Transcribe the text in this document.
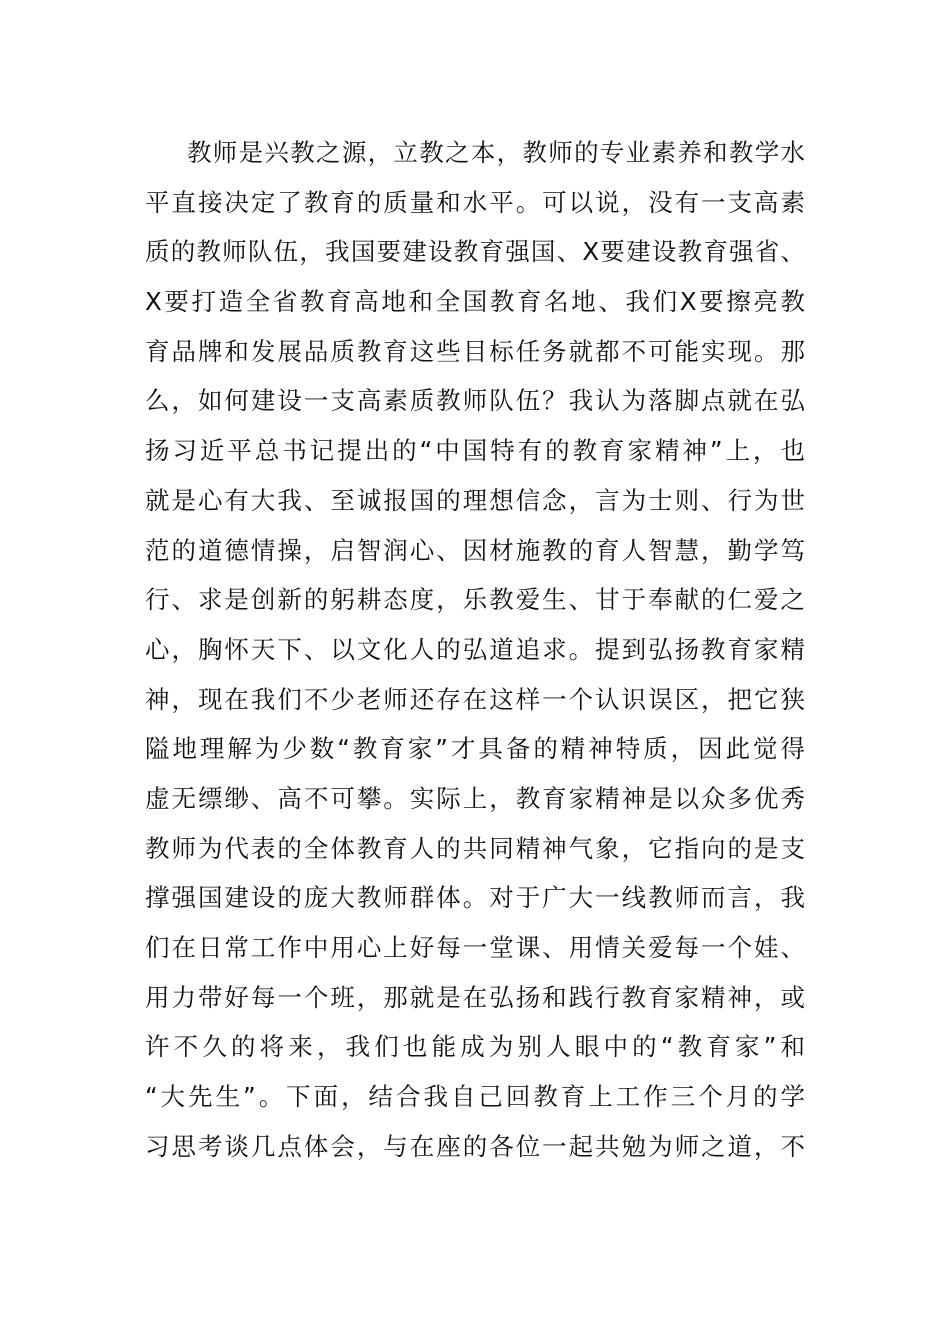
教师是兴教之源，立教之本，教师的专业素养和教学水
平直接决定了教育的质量和水平。可以说，没有一支高素
质的教师队伍，我国要建设教育强国、X要建设教育强省、
X要打造全省教育高地和全国教育名地、我们X要擦亮教
育品牌和发展品质教育这些目标任务就都不可能实现。那
么，如何建设一支高素质教师队伍？我认为落脚点就在弘
扬习近平总书记提出的“中国特有的教育家精神”上，也
就是心有大我、至诚报国的理想信念，言为士则、行为世
范的道德情操，启智润心、因材施教的育人智慧，勤学笃
行、求是创新的躬耕态度，乐教爱生、甘于奉献的仁爱之
心，胸怀天下、以文化人的弘道追求。提到弘扬教育家精
神，现在我们不少老师还存在这样一个认识误区，把它狭
隘地理解为少数“教育家”才具备的精神特质，因此觉得
虚无缥缈、高不可攀。实际上，教育家精神是以众多优秀
教师为代表的全体教育人的共同精神气象，它指向的是支
撑强国建设的庞大教师群体。对于广大一线教师而言，我
们在日常工作中用心上好每一堂课、用情关爱每一个娃、
用力带好每一个班，那就是在弘扬和践行教育家精神，或
许不久的将来，我们也能成为别人眼中的“教育家”和
“大先生”。下面，结合我自己回教育上工作三个月的学
习思考谈几点体会，与在座的各位一起共勉为师之道，不
